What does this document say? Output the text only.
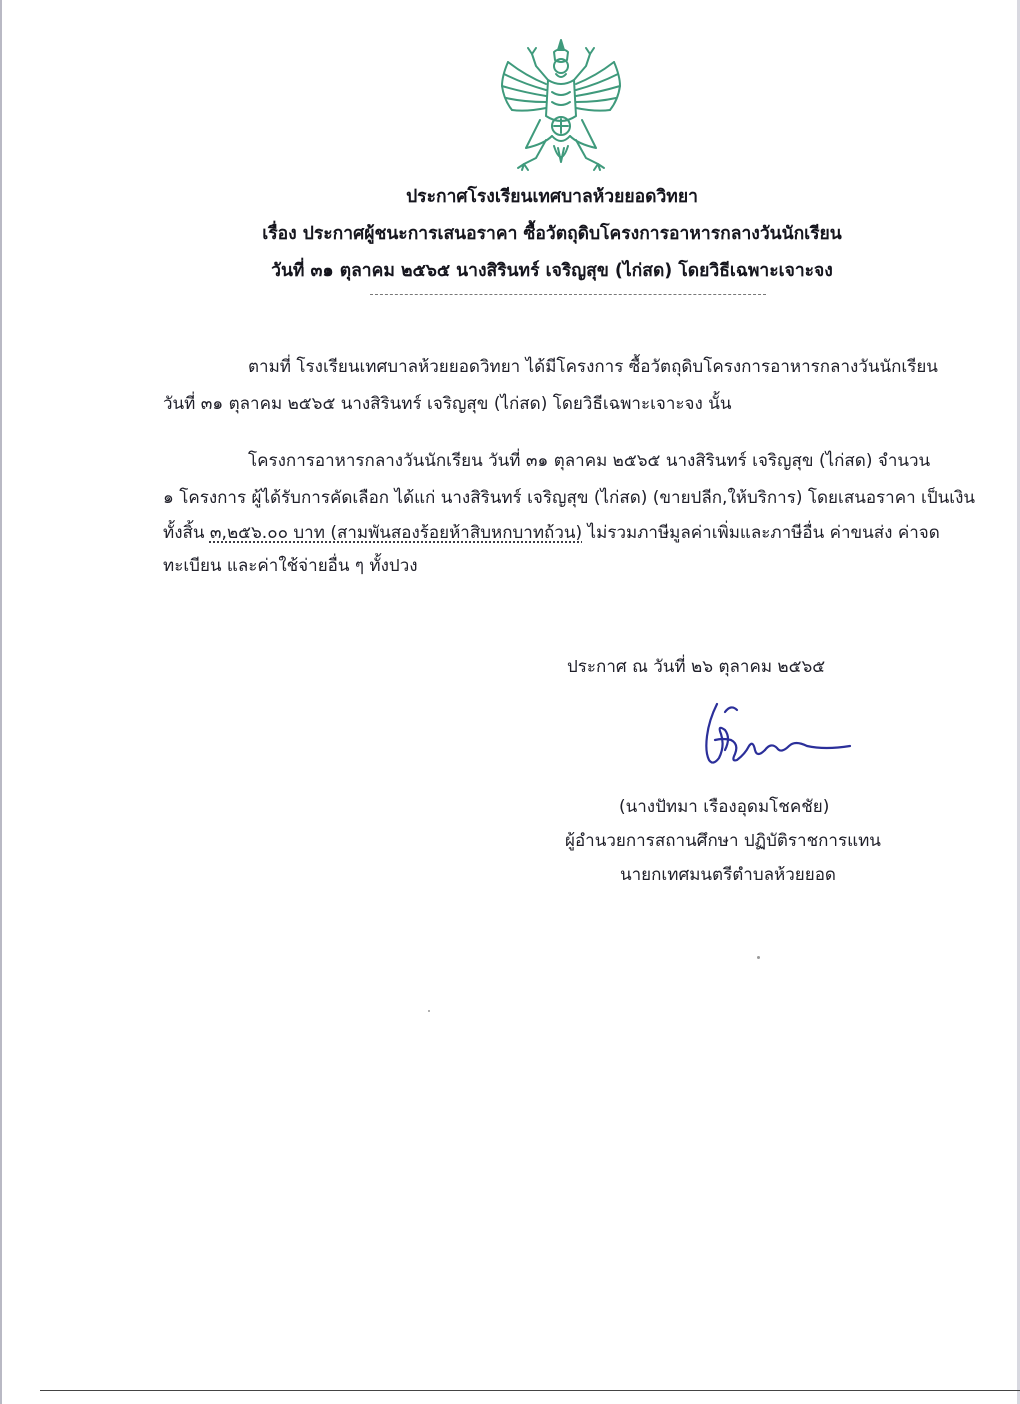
ประกาศโรงเรียนเทศบาลห้วยยอดวิทยา
เรื่อง ประกาศผู้ชนะการเสนอราคา ซื้อวัตถุดิบโครงการอาหารกลางวันนักเรียน
วันที่ ๓๑ ตุลาคม ๒๕๖๕ นางสิรินทร์ เจริญสุข (ไก่สด) โดยวิธีเฉพาะเจาะจง
ตามที่ โรงเรียนเทศบาลห้วยยอดวิทยา ได้มีโครงการ ซื้อวัตถุดิบโครงการอาหารกลางวันนักเรียน
วันที่ ๓๑ ตุลาคม ๒๕๖๕ นางสิรินทร์ เจริญสุข (ไก่สด) โดยวิธีเฉพาะเจาะจง นั้น
โครงการอาหารกลางวันนักเรียน วันที่ ๓๑ ตุลาคม ๒๕๖๕ นางสิรินทร์ เจริญสุข (ไก่สด) จำนวน
๑ โครงการ ผู้ได้รับการคัดเลือก ได้แก่ นางสิรินทร์ เจริญสุข (ไก่สด) (ขายปลีก,ให้บริการ) โดยเสนอราคา เป็นเงิน
ทั้งสิ้น ๓,๒๕๖.๐๐ บาท (สามพันสองร้อยห้าสิบหกบาทถ้วน) ไม่รวมภาษีมูลค่าเพิ่มและภาษีอื่น ค่าขนส่ง ค่าจด
ทะเบียน และค่าใช้จ่ายอื่น ๆ ทั้งปวง
ประกาศ ณ วันที่ ๒๖ ตุลาคม ๒๕๖๕
(นางปัทมา เรืองอุดมโชคชัย)
ผู้อำนวยการสถานศึกษา ปฏิบัติราชการแทน
นายกเทศมนตรีตำบลห้วยยอด
